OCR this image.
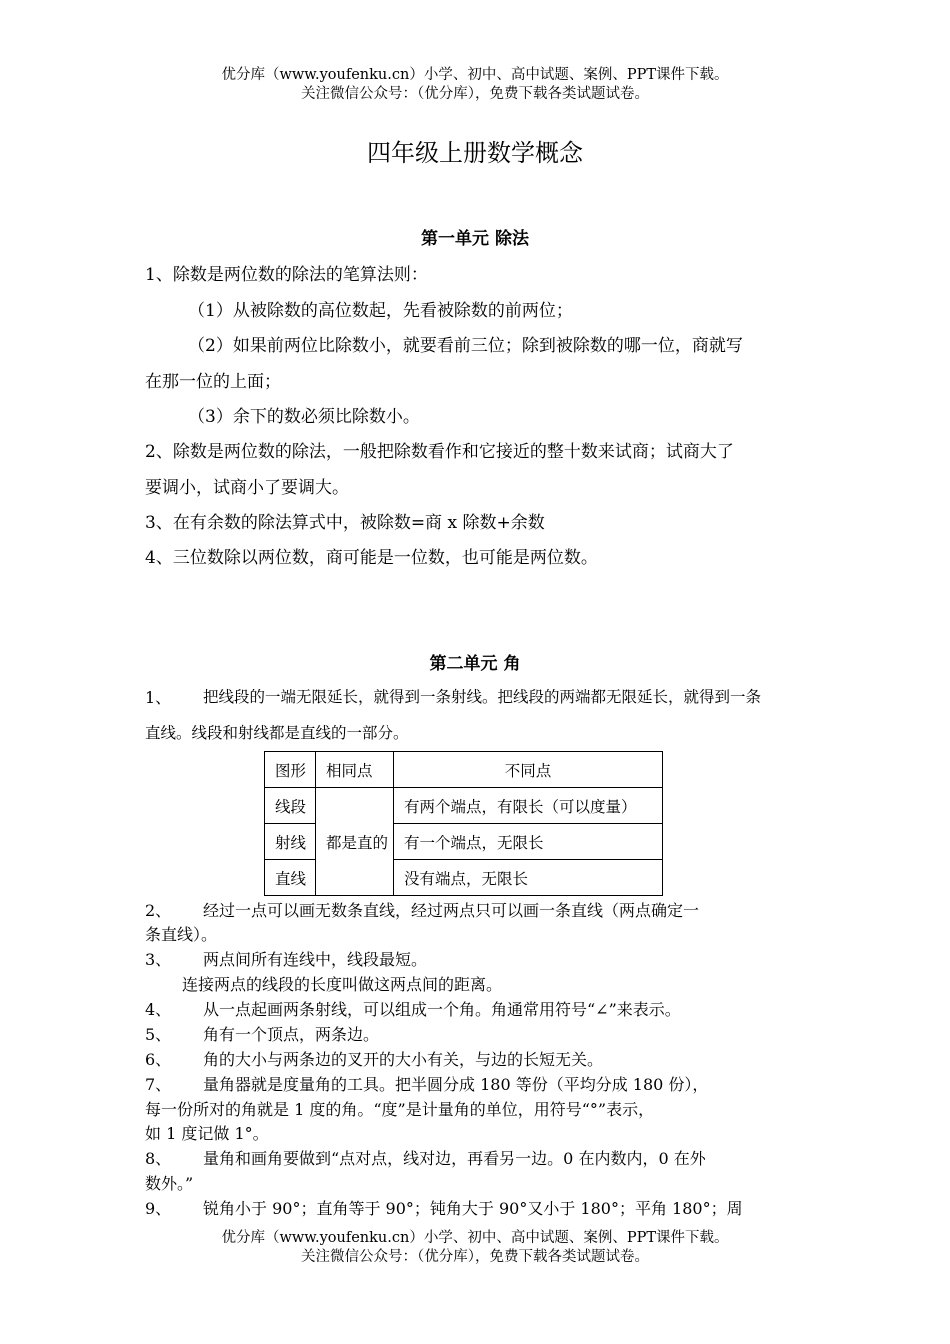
优分库（www.youfenku.cn）小学、初中、高中试题、案例、PPT课件下载。
关注微信公众号：（优分库），免费下载各类试题试卷。
四年级上册数学概念
第一单元 除法
1、除数是两位数的除法的笔算法则：
（1）从被除数的高位数起，先看被除数的前两位；
（2）如果前两位比除数小，就要看前三位；除到被除数的哪一位，商就写
在那一位的上面；
（3）余下的数必须比除数小。
2、除数是两位数的除法，一般把除数看作和它接近的整十数来试商；试商大了
要调小，试商小了要调大。
3、在有余数的除法算式中，被除数=商 x 除数+余数
4、三位数除以两位数，商可能是一位数，也可能是两位数。
第二单元 角
1、 把线段的一端无限延长，就得到一条射线。把线段的两端都无限延长，就得到一条
直线。线段和射线都是直线的一部分。
图形	相同点	不同点
线段	都是直的	有两个端点，有限长（可以度量）
射线		有一个端点，无限长
直线		没有端点，无限长
2、 经过一点可以画无数条直线，经过两点只可以画一条直线（两点确定一
条直线）。
3、 两点间所有连线中，线段最短。
连接两点的线段的长度叫做这两点间的距离。
4、 从一点起画两条射线，可以组成一个角。角通常用符号“∠”来表示。
5、 角有一个顶点，两条边。
6、 角的大小与两条边的叉开的大小有关，与边的长短无关。
7、 量角器就是度量角的工具。把半圆分成 180 等份（平均分成 180 份），
每一份所对的角就是 1 度的角。“度”是计量角的单位，用符号“°”表示，
如 1 度记做 1°。
8、 量角和画角要做到“点对点，线对边，再看另一边。0 在内数内，0 在外
数外。”
9、 锐角小于 90°；直角等于 90°；钝角大于 90°又小于 180°；平角 180°；周
优分库（www.youfenku.cn）小学、初中、高中试题、案例、PPT课件下载。
关注微信公众号：（优分库），免费下载各类试题试卷。
